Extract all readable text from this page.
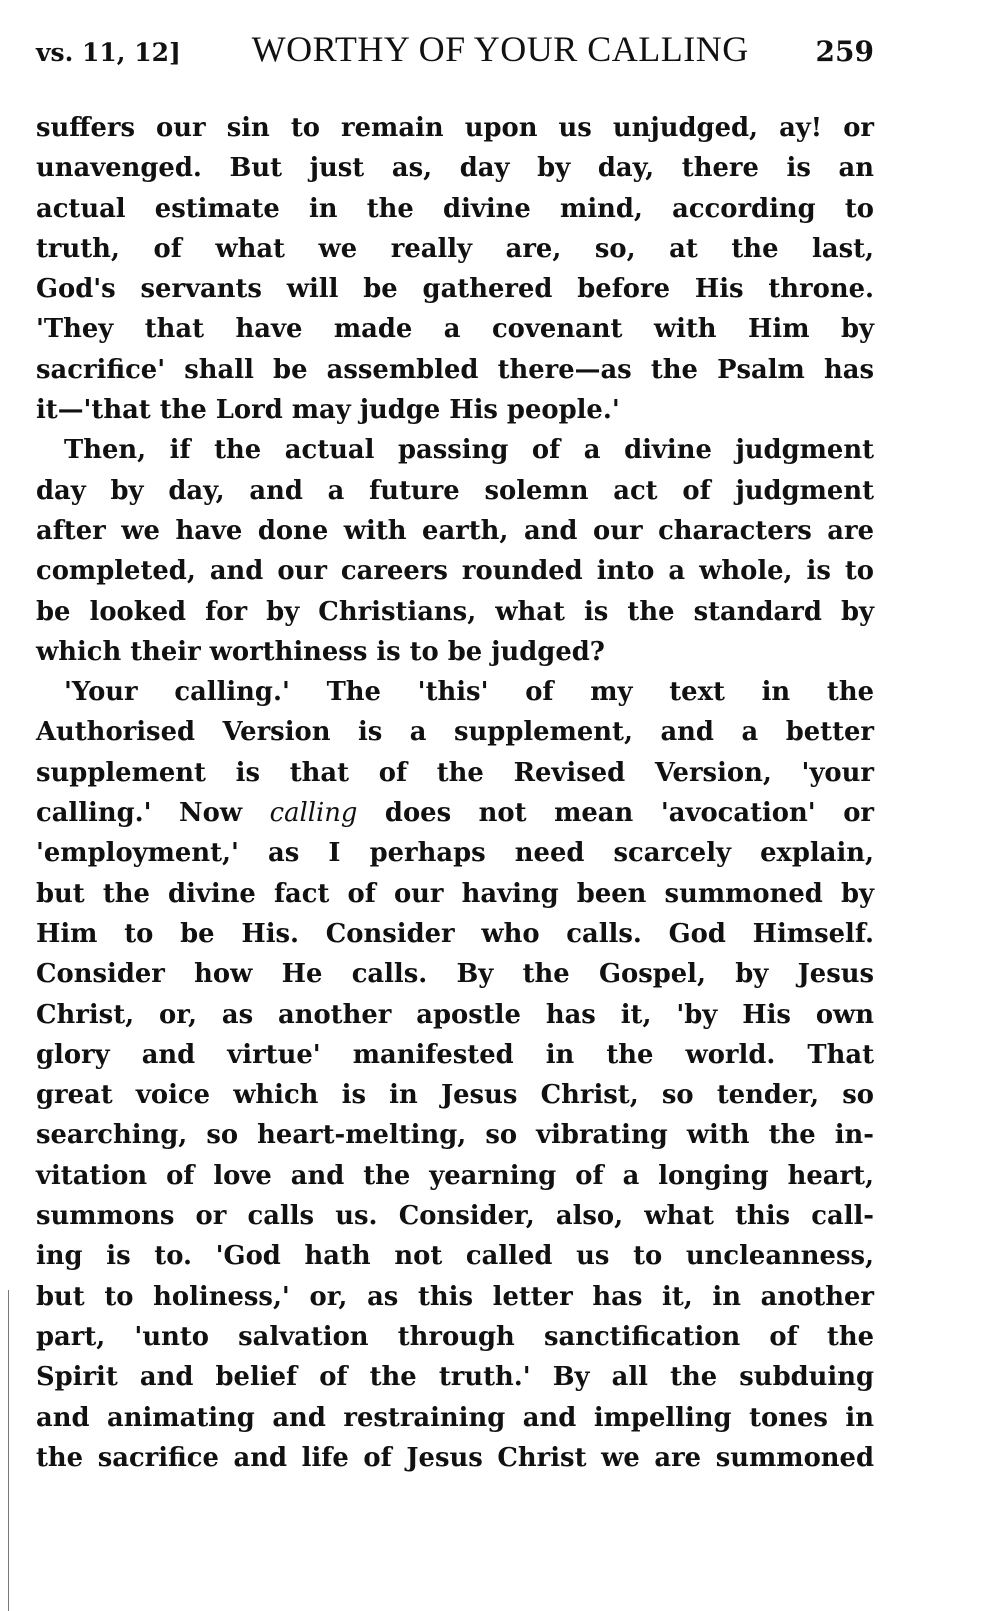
vs. 11, 12]	WORTHY OF YOUR CALLING	259
suffers our sin to remain upon us unjudged, ay! or
unavenged. But just as, day by day, there is an
actual estimate in the divine mind, according to
truth, of what we really are, so, at the last,
God's servants will be gathered before His throne.
'They that have made a covenant with Him by
sacrifice' shall be assembled there—as the Psalm has
it—'that the Lord may judge His people.'
Then, if the actual passing of a divine judgment
day by day, and a future solemn act of judgment
after we have done with earth, and our characters are
completed, and our careers rounded into a whole, is to
be looked for by Christians, what is the standard by
which their worthiness is to be judged?
'Your calling.' The 'this' of my text in the
Authorised Version is a supplement, and a better
supplement is that of the Revised Version, 'your
calling.' Now calling does not mean 'avocation' or
'employment,' as I perhaps need scarcely explain,
but the divine fact of our having been summoned by
Him to be His. Consider who calls. God Himself.
Consider how He calls. By the Gospel, by Jesus
Christ, or, as another apostle has it, 'by His own
glory and virtue' manifested in the world. That
great voice which is in Jesus Christ, so tender, so
searching, so heart-melting, so vibrating with the in-
vitation of love and the yearning of a longing heart,
summons or calls us. Consider, also, what this call-
ing is to. 'God hath not called us to uncleanness,
but to holiness,' or, as this letter has it, in another
part, 'unto salvation through sanctification of the
Spirit and belief of the truth.' By all the subduing
and animating and restraining and impelling tones in
the sacrifice and life of Jesus Christ we are summoned
